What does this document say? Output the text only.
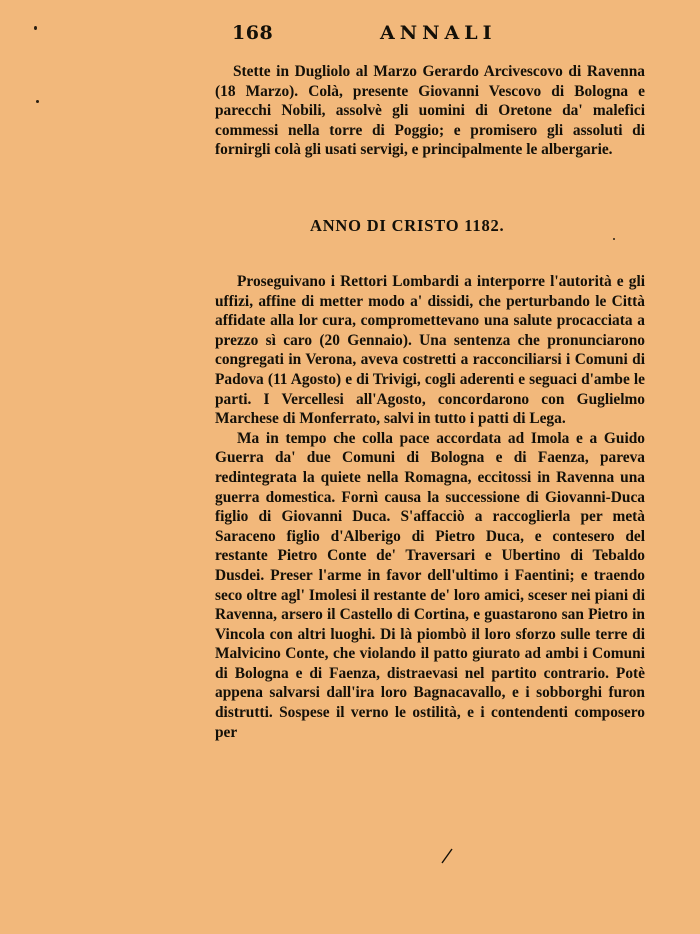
168	ANNALI

Stette in Dugliolo al Marzo Gerardo Arcivescovo di Ravenna (18 Marzo). Colà, presente Giovanni Vescovo di Bologna e parecchi Nobili, assolvè gli uomini di Oretone da' malefici commessi nella torre di Poggio; e promisero gli assoluti di fornirgli colà gli usati servigi, e principalmente le albergarie.

ANNO DI CRISTO 1182.

Proseguivano i Rettori Lombardi a interporre l'autorità e gli uffizi, affine di metter modo a' dissidi, che perturbando le Città affidate alla lor cura, compromettevano una salute procacciata a prezzo sì caro (20 Gennaio). Una sentenza che pronunciarono congregati in Verona, aveva costretti a racconciliarsi i Comuni di Padova (11 Agosto) e di Trivigi, cogli aderenti e seguaci d'ambe le parti. I Vercellesi all'Agosto, concordarono con Guglielmo Marchese di Monferrato, salvi in tutto i patti di Lega.

Ma in tempo che colla pace accordata ad Imola e a Guido Guerra da' due Comuni di Bologna e di Faenza, pareva redintegrata la quiete nella Romagna, eccitossi in Ravenna una guerra domestica. Fornì causa la successione di Giovanni-Duca figlio di Giovanni Duca. S'affacciò a raccoglierla per metà Saraceno figlio d'Alberigo di Pietro Duca, e contesero del restante Pietro Conte de' Traversari e Ubertino di Tebaldo Dusdei. Preser l'arme in favor dell'ultimo i Faentini; e traendo seco oltre agl' Imolesi il restante de' loro amici, sceser nei piani di Ravenna, arsero il Castello di Cortina, e guastarono san Pietro in Vincola con altri luoghi. Di là piombò il loro sforzo sulle terre di Malvicino Conte, che violando il patto giurato ad ambi i Comuni di Bologna e di Faenza, distraevasi nel partito contrario. Potè appena salvarsi dall'ira loro Bagnacavallo, e i sobborghi furon distrutti. Sospese il verno le ostilità, e i contendenti composero per
